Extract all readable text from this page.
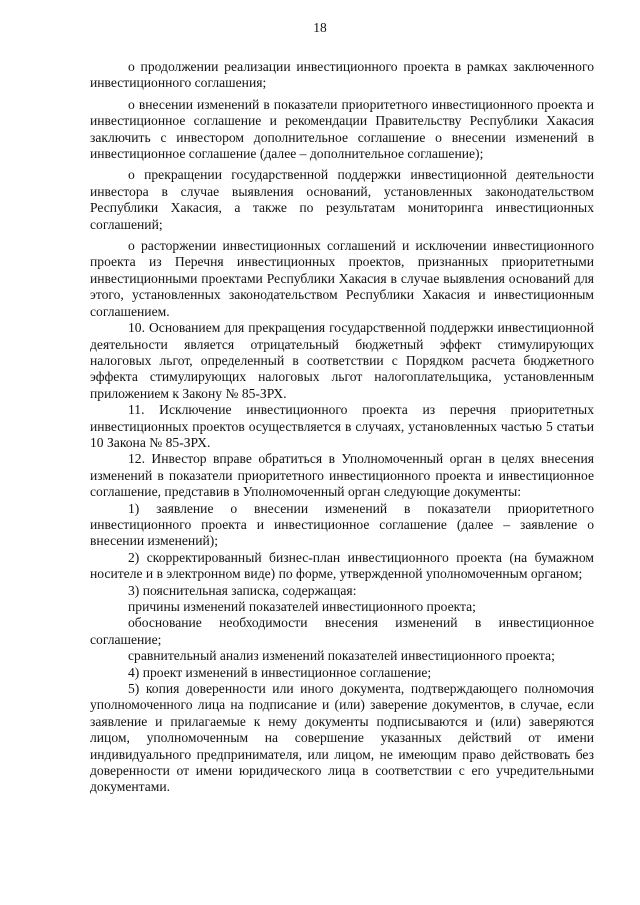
18

о продолжении реализации инвестиционного проекта в рамках заключенного инвестиционного соглашения;

о внесении изменений в показатели приоритетного инвестиционного проекта и инвестиционное соглашение и рекомендации Правительству Республики Хакасия заключить с инвестором дополнительное соглашение о внесении изменений в инвестиционное соглашение (далее – дополнительное соглашение);

о прекращении государственной поддержки инвестиционной деятельности инвестора в случае выявления оснований, установленных законодательством Республики Хакасия, а также по результатам мониторинга инвестиционных соглашений;

о расторжении инвестиционных соглашений и исключении инвестиционного проекта из Перечня инвестиционных проектов, признанных приоритетными инвестиционными проектами Республики Хакасия в случае выявления оснований для этого, установленных законодательством Республики Хакасия и инвестиционным соглашением.

10. Основанием для прекращения государственной поддержки инвестиционной деятельности является отрицательный бюджетный эффект стимулирующих налоговых льгот, определенный в соответствии с Порядком расчета бюджетного эффекта стимулирующих налоговых льгот налогоплательщика, установленным приложением к Закону № 85-ЗРХ.

11. Исключение инвестиционного проекта из перечня приоритетных инвестиционных проектов осуществляется в случаях, установленных частью 5 статьи 10 Закона № 85-ЗРХ.

12. Инвестор вправе обратиться в Уполномоченный орган в целях внесения изменений в показатели приоритетного инвестиционного проекта и инвестиционное соглашение, представив в Уполномоченный орган следующие документы:

1) заявление о внесении изменений в показатели приоритетного инвестиционного проекта и инвестиционное соглашение (далее – заявление о внесении изменений);

2) скорректированный бизнес-план инвестиционного проекта (на бумажном носителе и в электронном виде) по форме, утвержденной уполномоченным органом;

3) пояснительная записка, содержащая:

причины изменений показателей инвестиционного проекта;

обоснование необходимости внесения изменений в инвестиционное соглашение;

сравнительный анализ изменений показателей инвестиционного проекта;

4) проект изменений в инвестиционное соглашение;

5) копия доверенности или иного документа, подтверждающего полномочия уполномоченного лица на подписание и (или) заверение документов, в случае, если заявление и прилагаемые к нему документы подписываются и (или) заверяются лицом, уполномоченным на совершение указанных действий от имени индивидуального предпринимателя, или лицом, не имеющим право действовать без доверенности от имени юридического лица в соответствии с его учредительными документами.
